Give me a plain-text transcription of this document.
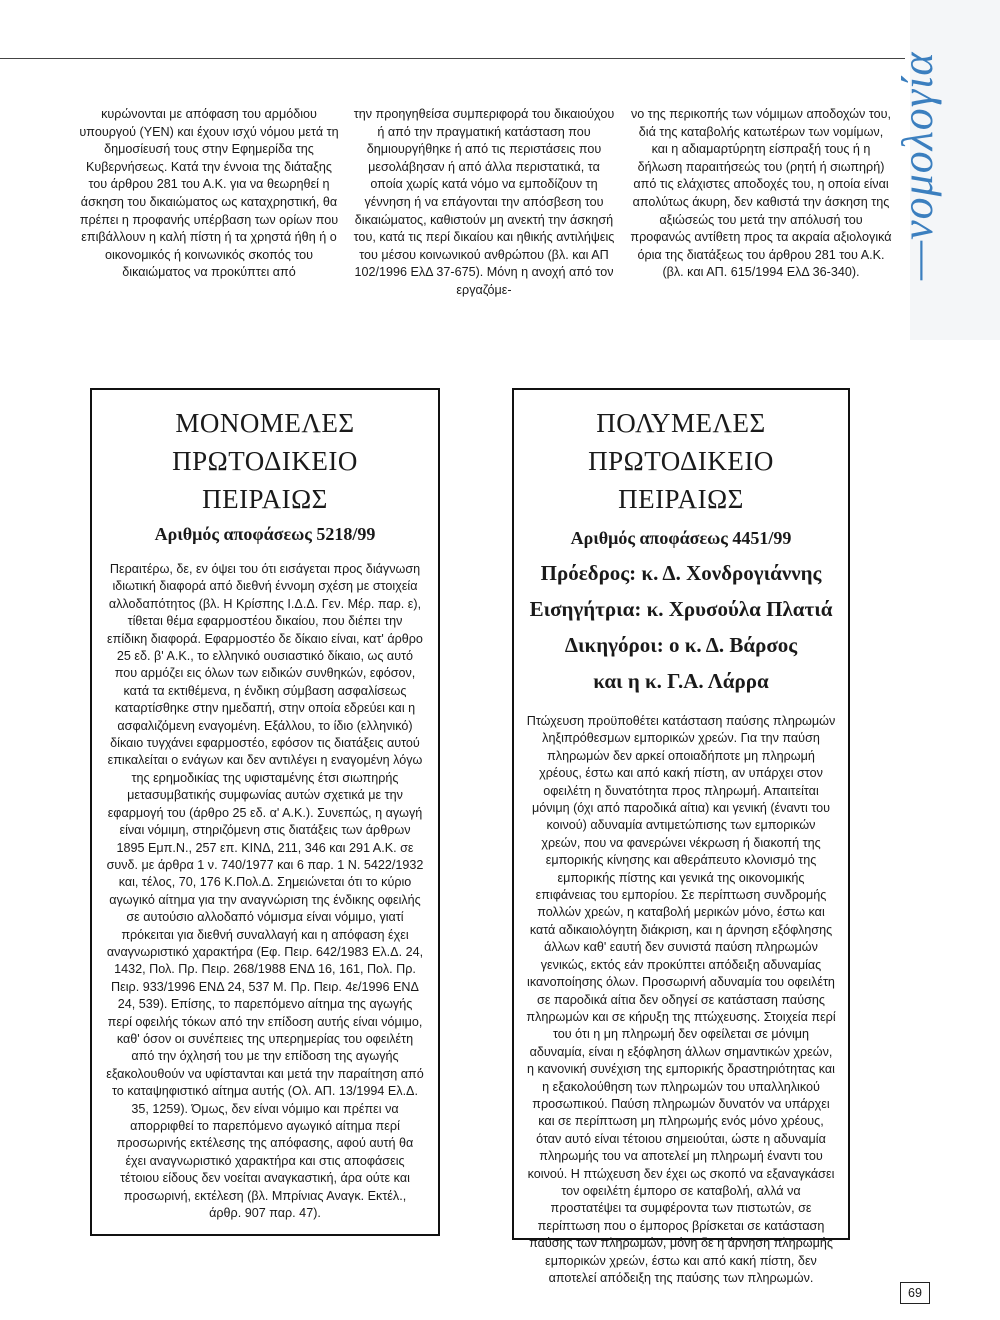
—νομολογία

κυρώνονται με απόφαση του αρμόδιου υπουργού (ΥΕΝ) και έχουν ισχύ νόμου μετά τη δημοσίευσή τους στην Εφημερίδα της Κυβερνήσεως. Κατά την έννοια της διάταξης του άρθρου 281 του Α.Κ. για να θεωρηθεί η άσκηση του δικαιώματος ως καταχρηστική, θα πρέπει η προφανής υπέρβαση των ορίων που επιβάλλουν η καλή πίστη ή τα χρηστά ήθη ή ο οικονομικός ή κοινωνικός σκοπός του δικαιώματος να προκύπτει από

την προηγηθείσα συμπεριφορά του δικαιούχου ή από την πραγματική κατάσταση που δημιουργήθηκε ή από τις περιστάσεις που μεσολάβησαν ή από άλλα περιστατικά, τα οποία χωρίς κατά νόμο να εμποδίζουν τη γέννηση ή να επάγονται την απόσβεση του δικαιώματος, καθιστούν μη ανεκτή την άσκησή του, κατά τις περί δικαίου και ηθικής αντιλήψεις του μέσου κοινωνικού ανθρώπου (βλ. και ΑΠ 102/1996 ΕλΔ 37-675). Μόνη η ανοχή από τον εργαζόμε-

νο της περικοπής των νόμιμων αποδοχών του, διά της καταβολής κατωτέρων των νομίμων, και η αδιαμαρτύρητη είσπραξή τους ή η δήλωση παραιτήσεώς του (ρητή ή σιωπηρή) από τις ελάχιστες αποδοχές του, η οποία είναι απολύτως άκυρη, δεν καθιστά την άσκηση της αξιώσεώς του μετά την απόλυσή του προφανώς αντίθετη προς τα ακραία αξιολογικά όρια της διατάξεως του άρθρου 281 του Α.Κ. (βλ. και ΑΠ. 615/1994 ΕλΔ 36-340).

ΜΟΝΟΜΕΛΕΣ

ΠΡΩΤΟΔΙΚΕΙΟ ΠΕΙΡΑΙΩΣ

Αριθμός αποφάσεως 5218/99

Περαιτέρω, δε, εν όψει του ότι εισάγεται προς διάγνωση ιδιωτική διαφορά από διεθνή έννομη σχέση με στοιχεία αλλοδαπότητος (βλ. Η Κρίσπης Ι.Δ.Δ. Γεν. Μέρ. παρ. ε), τίθεται θέμα εφαρμοστέου δικαίου, που διέπει την επίδικη διαφορά. Εφαρμοστέο δε δίκαιο είναι, κατ' άρθρο 25 εδ. β' Α.Κ., το ελληνικό ουσιαστικό δίκαιο, ως αυτό που αρμόζει εις όλων των ειδικών συνθηκών, εφόσον, κατά τα εκτιθέμενα, η ένδικη σύμβαση ασφαλίσεως καταρτίσθηκε στην ημεδαπή, στην οποία εδρεύει και η ασφαλιζόμενη εναγομένη. Εξάλλου, το ίδιο (ελληνικό) δίκαιο τυγχάνει εφαρμοστέο, εφόσον τις διατάξεις αυτού επικαλείται ο ενάγων και δεν αντιλέγει η εναγομένη λόγω της ερημοδικίας της υφισταμένης έτσι σιωπηρής μετασυμβατικής συμφωνίας αυτών σχετικά με την εφαρμογή του (άρθρο 25 εδ. α' Α.Κ.). Συνεπώς, η αγωγή είναι νόμιμη, στηριζόμενη στις διατάξεις των άρθρων 1895 Εμπ.Ν., 257 επ. ΚΙΝΔ, 211, 346 και 291 Α.Κ. σε συνδ. με άρθρα 1 ν. 740/1977 και 6 παρ. 1 Ν. 5422/1932 και, τέλος, 70, 176 Κ.Πολ.Δ. Σημειώνεται ότι το κύριο αγωγικό αίτημα για την αναγνώριση της ένδικης οφειλής σε αυτούσιο αλλοδαπό νόμισμα είναι νόμιμο, γιατί πρόκειται για διεθνή συναλλαγή και η απόφαση έχει αναγνωριστικό χαρακτήρα (Εφ. Πειρ. 642/1983 Ελ.Δ. 24, 1432, Πολ. Πρ. Πειρ. 268/1988 ΕΝΔ 16, 161, Πολ. Πρ. Πειρ. 933/1996 ΕΝΔ 24, 537 Μ. Πρ. Πειρ. 4ε/1996 ΕΝΔ 24, 539). Επίσης, το παρεπόμενο αίτημα της αγωγής περί οφειλής τόκων από την επίδοση αυτής είναι νόμιμο, καθ' όσον οι συνέπειες της υπερημερίας του οφειλέτη από την όχλησή του με την επίδοση της αγωγής εξακολουθούν να υφίστανται και μετά την παραίτηση από το καταψηφιστικό αίτημα αυτής (Ολ. ΑΠ. 13/1994 Ελ.Δ. 35, 1259). Όμως, δεν είναι νόμιμο και πρέπει να απορριφθεί το παρεπόμενο αγωγικό αίτημα περί προσωρινής εκτέλεσης της απόφασης, αφού αυτή θα έχει αναγνωριστικό χαρακτήρα και στις αποφάσεις τέτοιου είδους δεν νοείται αναγκαστική, άρα ούτε και προσωρινή, εκτέλεση (βλ. Μπρίνιας Αναγκ. Εκτέλ., άρθρ. 907 παρ. 47).

ΠΟΛΥΜΕΛΕΣ

ΠΡΩΤΟΔΙΚΕΙΟ ΠΕΙΡΑΙΩΣ

Αριθμός αποφάσεως 4451/99

Πρόεδρος: κ. Δ. Χονδρογιάννης

Εισηγήτρια: κ. Χρυσούλα Πλατιά

Δικηγόροι: ο κ. Δ. Βάρσος

και η κ. Γ.Α. Λάρρα

Πτώχευση προϋποθέτει κατάσταση παύσης πληρωμών ληξιπρόθεσμων εμπορικών χρεών. Για την παύση πληρωμών δεν αρκεί οποιαδήποτε μη πληρωμή χρέους, έστω και από κακή πίστη, αν υπάρχει στον οφειλέτη η δυνατότητα προς πληρωμή. Απαιτείται μόνιμη (όχι από παροδικά αίτια) και γενική (έναντι του κοινού) αδυναμία αντιμετώπισης των εμπορικών χρεών, που να φανερώνει νέκρωση ή διακοπή της εμπορικής κίνησης και αθεράπευτο κλονισμό της εμπορικής πίστης και γενικά της οικονομικής επιφάνειας του εμπορίου. Σε περίπτωση συνδρομής πολλών χρεών, η καταβολή μερικών μόνο, έστω και κατά αδικαιολόγητη διάκριση, και η άρνηση εξόφλησης άλλων καθ' εαυτή δεν συνιστά παύση πληρωμών γενικώς, εκτός εάν προκύπτει απόδειξη αδυναμίας ικανοποίησης όλων. Προσωρινή αδυναμία του οφειλέτη σε παροδικά αίτια δεν οδηγεί σε κατάσταση παύσης πληρωμών και σε κήρυξη της πτώχευσης. Στοιχεία περί του ότι η μη πληρωμή δεν οφείλεται σε μόνιμη αδυναμία, είναι η εξόφληση άλλων σημαντικών χρεών, η κανονική συνέχιση της εμπορικής δραστηριότητας και η εξακολούθηση των πληρωμών του υπαλληλικού προσωπικού. Παύση πληρωμών δυνατόν να υπάρχει και σε περίπτωση μη πληρωμής ενός μόνο χρέους, όταν αυτό είναι τέτοιου σημειούται, ώστε η αδυναμία πληρωμής του να αποτελεί μη πληρωμή έναντι του κοινού. Η πτώχευση δεν έχει ως σκοπό να εξαναγκάσει τον οφειλέτη έμπορο σε καταβολή, αλλά να προστατέψει τα συμφέροντα των πιστωτών, σε περίπτωση που ο έμπορος βρίσκεται σε κατάσταση παύσης των πληρωμών, μόνη δε η άρνηση πληρωμής εμπορικών χρεών, έστω και από κακή πίστη, δεν αποτελεί απόδειξη της παύσης των πληρωμών.

69
